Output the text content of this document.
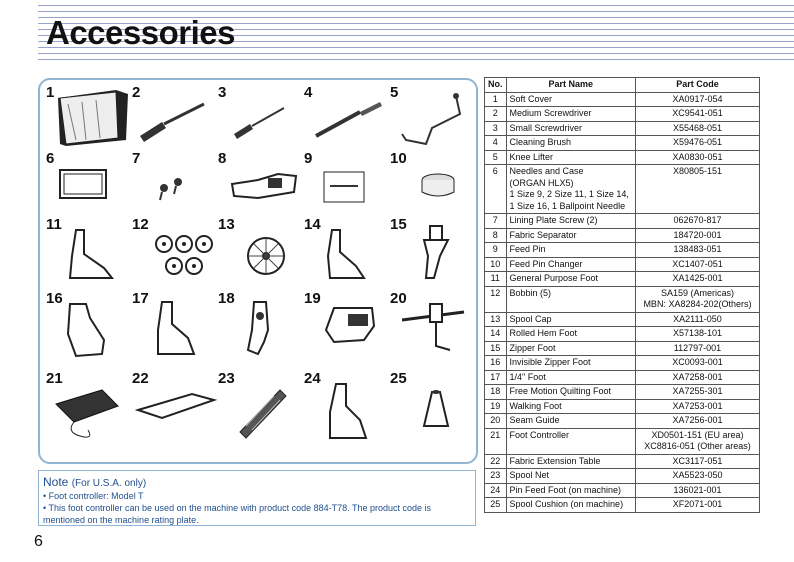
Accessories
1	2	3	4	5
6	7	8	9	10
11	12	13	14	15
16	17	18	19	20
21	22	23	24	25
Note (For U.S.A. only)
• Foot controller: Model T
• This foot controller can be used on the machine with product code 884-T78. The product code is mentioned on the machine rating plate.
6
No.	Part Name	Part Code
1	Soft Cover	XA0917-054
2	Medium Screwdriver	XC9541-051
3	Small Screwdriver	X55468-051
4	Cleaning Brush	X59476-051
5	Knee Lifter	XA0830-051
6	Needles and Case
(ORGAN HLX5)
1 Size 9, 2 Size 11, 1 Size 14,
1 Size 16, 1 Ballpoint Needle	X80805-151
7	Lining Plate Screw (2)	062670-817
8	Fabric Separator	184720-001
9	Feed Pin	138483-051
10	Feed Pin Changer	XC1407-051
11	General Purpose Foot	XA1425-001
12	Bobbin (5)	SA159 (Americas)
MBN: XA8284-202(Others)

13	Spool Cap	XA2111-050
14	Rolled Hem Foot	X57138-101
15	Zipper Foot	112797-001
16	Invisible Zipper Foot	XC0093-001
17	1/4" Foot	XA7258-001
18	Free Motion Quilting Foot	XA7255-301
19	Walking Foot	XA7253-001
20	Seam Guide	XA7256-001
21	Foot Controller	XD0501-151 (EU area)
XC8816-051 (Other areas)

22	Fabric Extension Table	XC3117-051
23	Spool Net	XA5523-050
24	Pin Feed Foot (on machine)	136021-001
25	Spool Cushion (on machine)	XF2071-001
